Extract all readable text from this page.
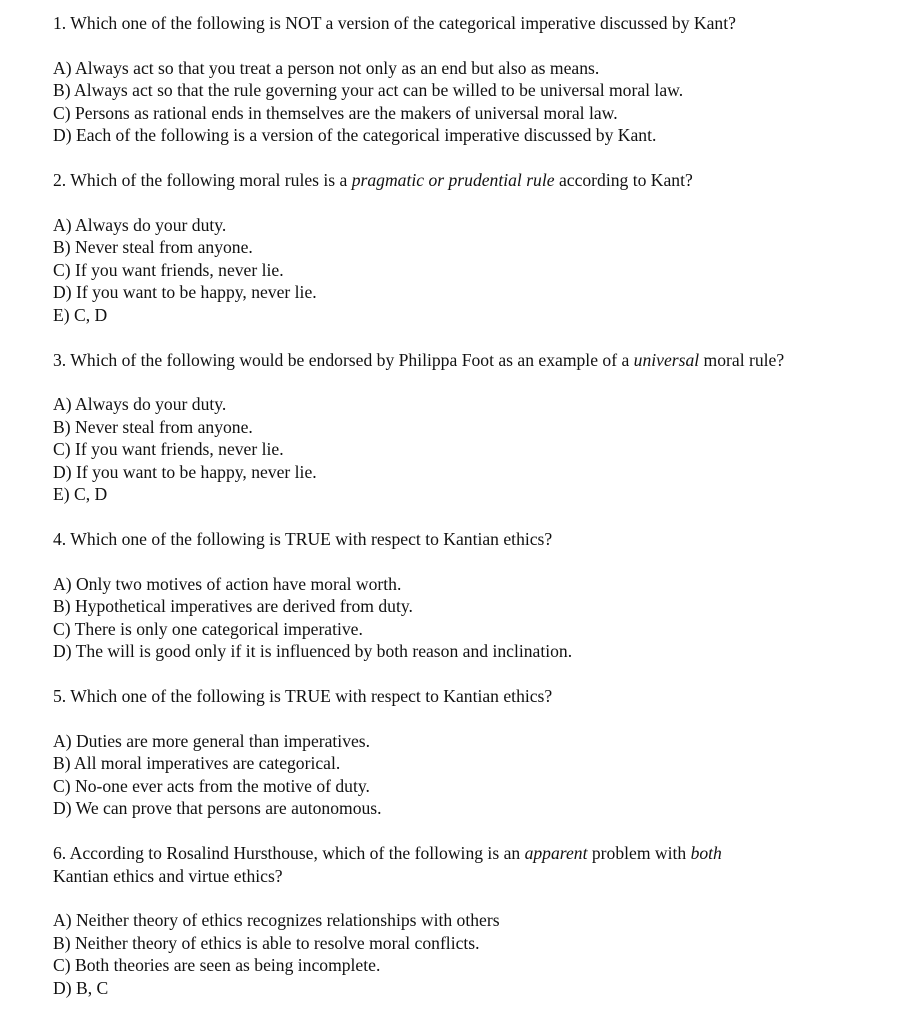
1. Which one of the following is NOT a version of the categorical imperative discussed by Kant?

A) Always act so that you treat a person not only as an end but also as means.
B) Always act so that the rule governing your act can be willed to be universal moral law.
C) Persons as rational ends in themselves are the makers of universal moral law.
D) Each of the following is a version of the categorical imperative discussed by Kant.

2. Which of the following moral rules is a pragmatic or prudential rule according to Kant?

A) Always do your duty.
B) Never steal from anyone.
C) If you want friends, never lie.
D) If you want to be happy, never lie.
E) C, D

3. Which of the following would be endorsed by Philippa Foot as an example of a universal moral rule?

A) Always do your duty.
B) Never steal from anyone.
C) If you want friends, never lie.
D) If you want to be happy, never lie.
E) C, D

4. Which one of the following is TRUE with respect to Kantian ethics?

A) Only two motives of action have moral worth.
B) Hypothetical imperatives are derived from duty.
C) There is only one categorical imperative.
D) The will is good only if it is influenced by both reason and inclination.

5. Which one of the following is TRUE with respect to Kantian ethics?

A) Duties are more general than imperatives.
B) All moral imperatives are categorical.
C) No-one ever acts from the motive of duty.
D) We can prove that persons are autonomous.

6. According to Rosalind Hursthouse, which of the following is an apparent problem with both
Kantian ethics and virtue ethics?

A) Neither theory of ethics recognizes relationships with others
B) Neither theory of ethics is able to resolve moral conflicts.
C) Both theories are seen as being incomplete.
D) B, C
